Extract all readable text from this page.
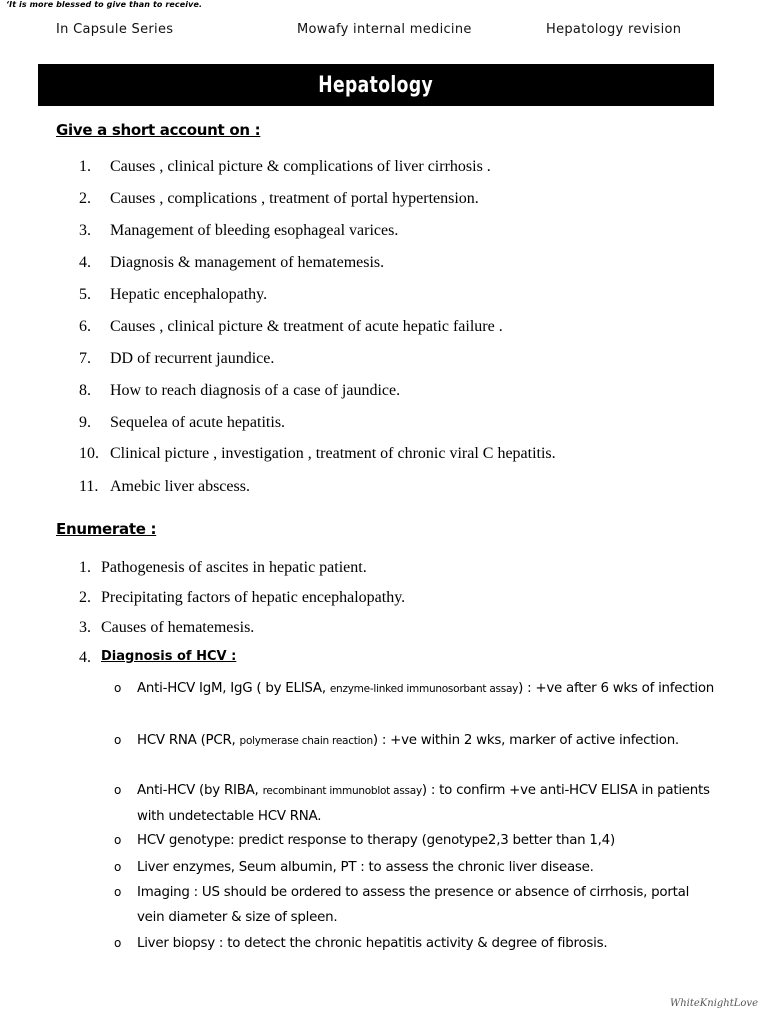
‘It is more blessed to give than to receive.
In Capsule Series	Mowafy internal medicine	Hepatology revision
Hepatology
Give a short account on :
1. Causes , clinical picture & complications of liver cirrhosis .
2. Causes , complications , treatment of portal hypertension.
3. Management of bleeding esophageal varices.
4. Diagnosis & management of hematemesis.
5. Hepatic encephalopathy.
6. Causes , clinical picture & treatment of acute hepatic failure .
7. DD of recurrent jaundice.
8. How to reach diagnosis of a case of jaundice.
9. Sequelea of acute hepatitis.
10. Clinical picture , investigation , treatment of chronic viral C hepatitis.
11. Amebic liver abscess.
Enumerate :
1. Pathogenesis of ascites in hepatic patient.
2. Precipitating factors of hepatic encephalopathy.
3. Causes of hematemesis.
4. Diagnosis of HCV :
o Anti-HCV IgM, IgG ( by ELISA, enzyme-linked immunosorbant assay) : +ve after 6 wks of infection
o HCV RNA (PCR, polymerase chain reaction) : +ve within 2 wks, marker of active infection.
o Anti-HCV (by RIBA, recombinant immunoblot assay) : to confirm +ve anti-HCV ELISA in patients with undetectable HCV RNA.
o HCV genotype: predict response to therapy (genotype2,3 better than 1,4)
o Liver enzymes, Seum albumin, PT : to assess the chronic liver disease.
o Imaging : US should be ordered to assess the presence or absence of cirrhosis, portal vein diameter & size of spleen.
o Liver biopsy : to detect the chronic hepatitis activity & degree of fibrosis.
WhiteKnightLove
